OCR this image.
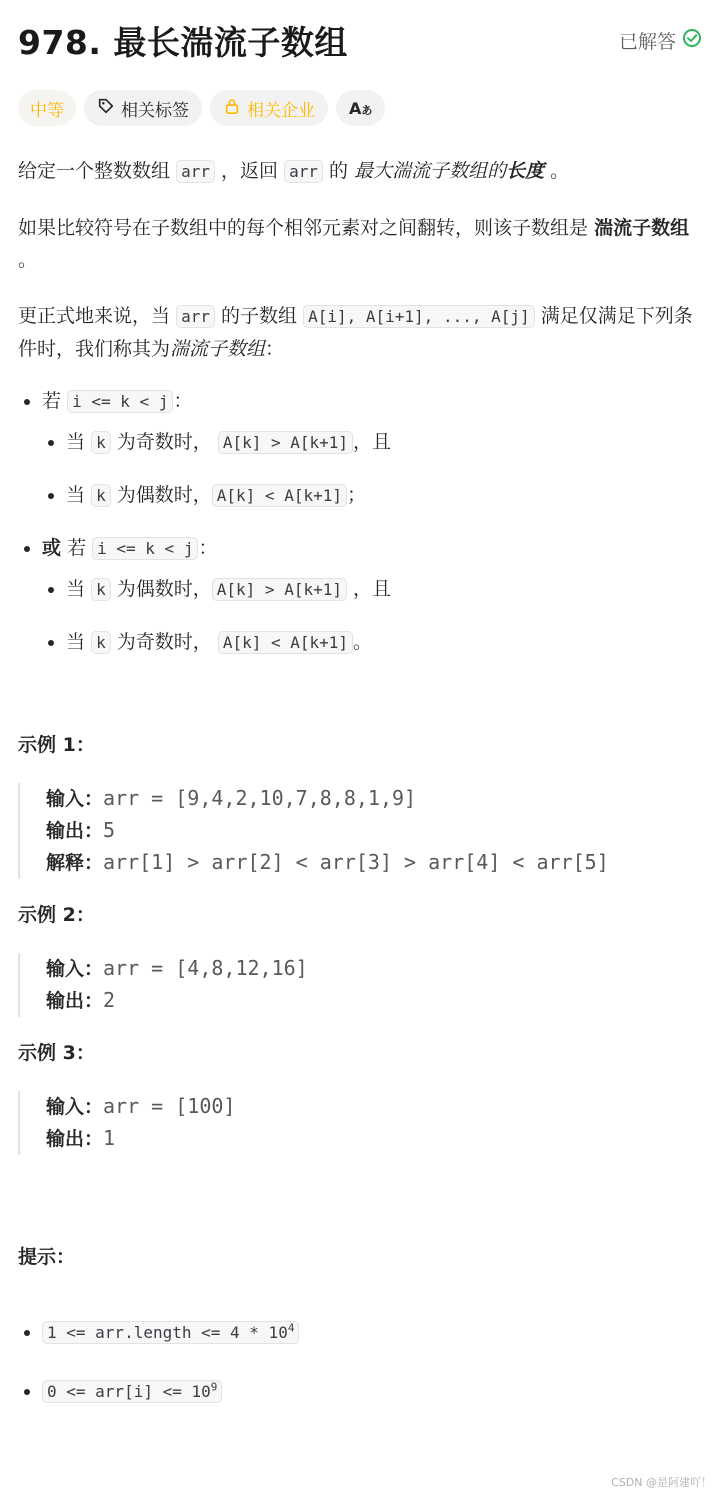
978. 最长湍流子数组	已解答
中等	相关标签	相关企业 Aあ

给定一个整数数组 arr ，返回 arr 的 最大湍流子数组的长度 。

如果比较符号在子数组中的每个相邻元素对之间翻转，则该子数组是 湍流子数组 。

更正式地来说，当 arr 的子数组 A[i], A[i+1], ..., A[j] 满足仅满足下列条件时，我们称其为湍流子数组：

• 若 i <= k < j ：
• 当 k 为奇数时， A[k] > A[k+1] ，且
• 当 k 为偶数时， A[k] < A[k+1] ；
• 或 若 i <= k < j ：
• 当 k 为偶数时， A[k] > A[k+1] ，且
• 当 k 为奇数时， A[k] < A[k+1] 。
示例 1：
输入：arr = [9,4,2,10,7,8,8,1,9]
输出：5
解释：arr[1] > arr[2] < arr[3] > arr[4] < arr[5]
示例 2：
输入：arr = [4,8,12,16]
输出：2
示例 3：
输入：arr = [100]
输出：1
提示：
• 1 <= arr.length <= $4 * 10^4$
• $0 <= arr[i] <= 10^9$
CSDN @是阿建吖！
